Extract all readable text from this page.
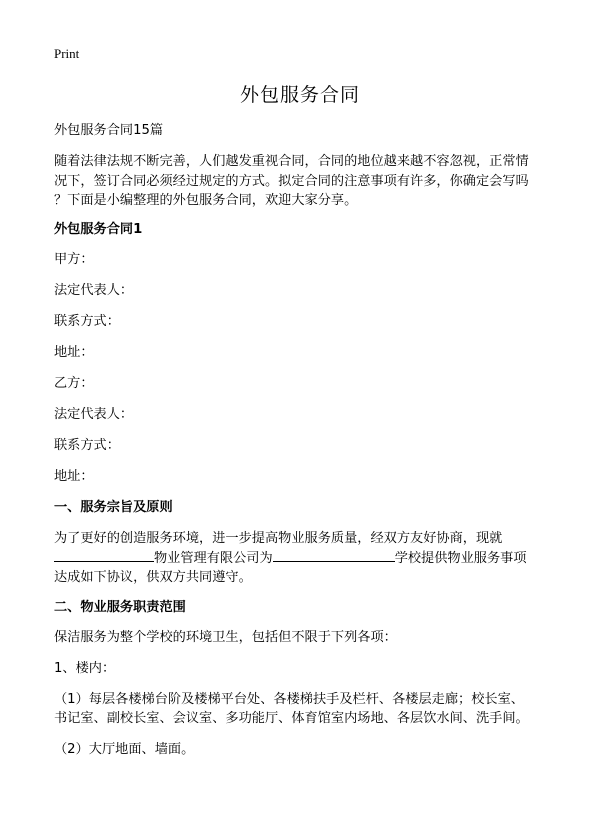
Print
外包服务合同
外包服务合同15篇
随着法律法规不断完善，人们越发重视合同，合同的地位越来越不容忽视，正常情
况下，签订合同必须经过规定的方式。拟定合同的注意事项有许多，你确定会写吗
？下面是小编整理的外包服务合同，欢迎大家分享。
外包服务合同1
甲方：
法定代表人：
联系方式：
地址：
乙方：
法定代表人：
联系方式：
地址：
一、服务宗旨及原则
为了更好的创造服务环境，进一步提高物业服务质量，经双方友好协商，现就
物业管理有限公司为	学校提供物业服务事项
达成如下协议，供双方共同遵守。
二、物业服务职责范围
保洁服务为整个学校的环境卫生，包括但不限于下列各项：
1、楼内：
（1）每层各楼梯台阶及楼梯平台处、各楼梯扶手及栏杆、各楼层走廊；校长室、
书记室、副校长室、会议室、多功能厅、体育馆室内场地、各层饮水间、洗手间。
（2）大厅地面、墙面。
